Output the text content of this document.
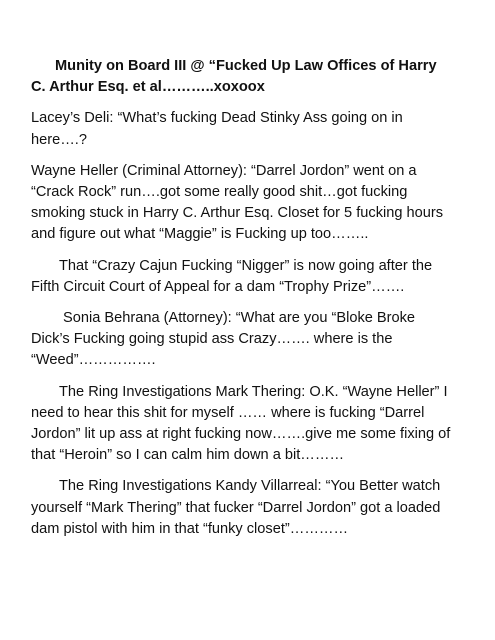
Munity on Board III @ “Fucked Up Law Offices of Harry C. Arthur Esq. et al………..xoxoox

Lacey’s Deli: “What’s fucking Dead Stinky Ass going on in here….?

Wayne Heller (Criminal Attorney): “Darrel Jordon” went on a “Crack Rock” run….got some really good shit…got fucking smoking stuck in Harry C. Arthur Esq. Closet for 5 fucking hours and figure out what “Maggie” is Fucking up too……..

That “Crazy Cajun Fucking “Nigger” is now going after the Fifth Circuit Court of Appeal for a dam “Trophy Prize”…….

Sonia Behrana (Attorney): “What are you “Bloke Broke Dick’s Fucking going stupid ass Crazy……. where is the “Weed”…………….

The Ring Investigations Mark Thering: O.K. “Wayne Heller” I need to hear this shit for myself …… where is fucking “Darrel Jordon” lit up ass at right fucking now…….give me some fixing of that “Heroin” so I can calm him down a bit………

The Ring Investigations Kandy Villarreal: “You Better watch yourself “Mark Thering” that fucker “Darrel Jordon” got a loaded dam pistol with him in that “funky closet”…………
